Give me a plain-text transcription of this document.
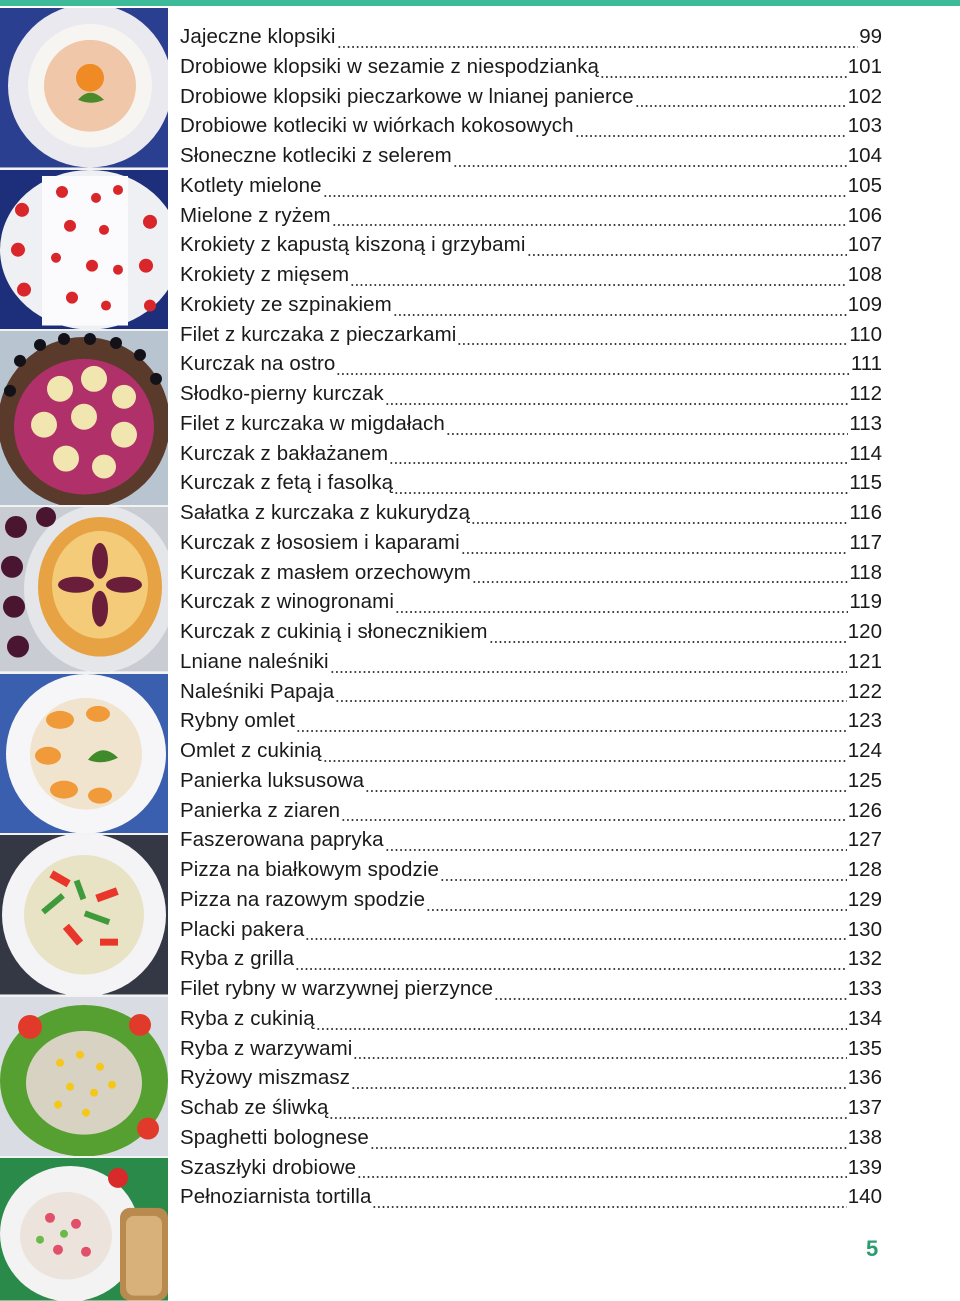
Jajeczne klopsiki	99
Drobiowe klopsiki w sezamie z niespodzianką	101
Drobiowe klopsiki pieczarkowe w lnianej panierce	102
Drobiowe kotleciki w wiórkach kokosowych	103
Słoneczne kotleciki z selerem	104
Kotlety mielone	105
Mielone z ryżem	106
Krokiety z kapustą kiszoną i grzybami	107
Krokiety z mięsem	108
Krokiety ze szpinakiem	109
Filet z kurczaka z pieczarkami	110
Kurczak na ostro	111
Słodko-pierny kurczak	112
Filet z kurczaka w migdałach	113
Kurczak z bakłażanem	114
Kurczak z fetą i fasolką	115
Sałatka z kurczaka z kukurydzą	116
Kurczak z łososiem i kaparami	117
Kurczak z masłem orzechowym	118
Kurczak z winogronami	119
Kurczak z cukinią i słonecznikiem	120
Lniane naleśniki	121
Naleśniki Papaja	122
Rybny omlet	123
Omlet z cukinią	124
Panierka luksusowa	125
Panierka z ziaren	126
Faszerowana papryka	127
Pizza na białkowym spodzie	128
Pizza na razowym spodzie	129
Placki pakera	130
Ryba z grilla	132
Filet rybny w warzywnej pierzynce	133
Ryba z cukinią	134
Ryba z warzywami	135
Ryżowy miszmasz	136
Schab ze śliwką	137
Spaghetti bolognese	138
Szaszłyki drobiowe	139
Pełnoziarnista tortilla	140
5
